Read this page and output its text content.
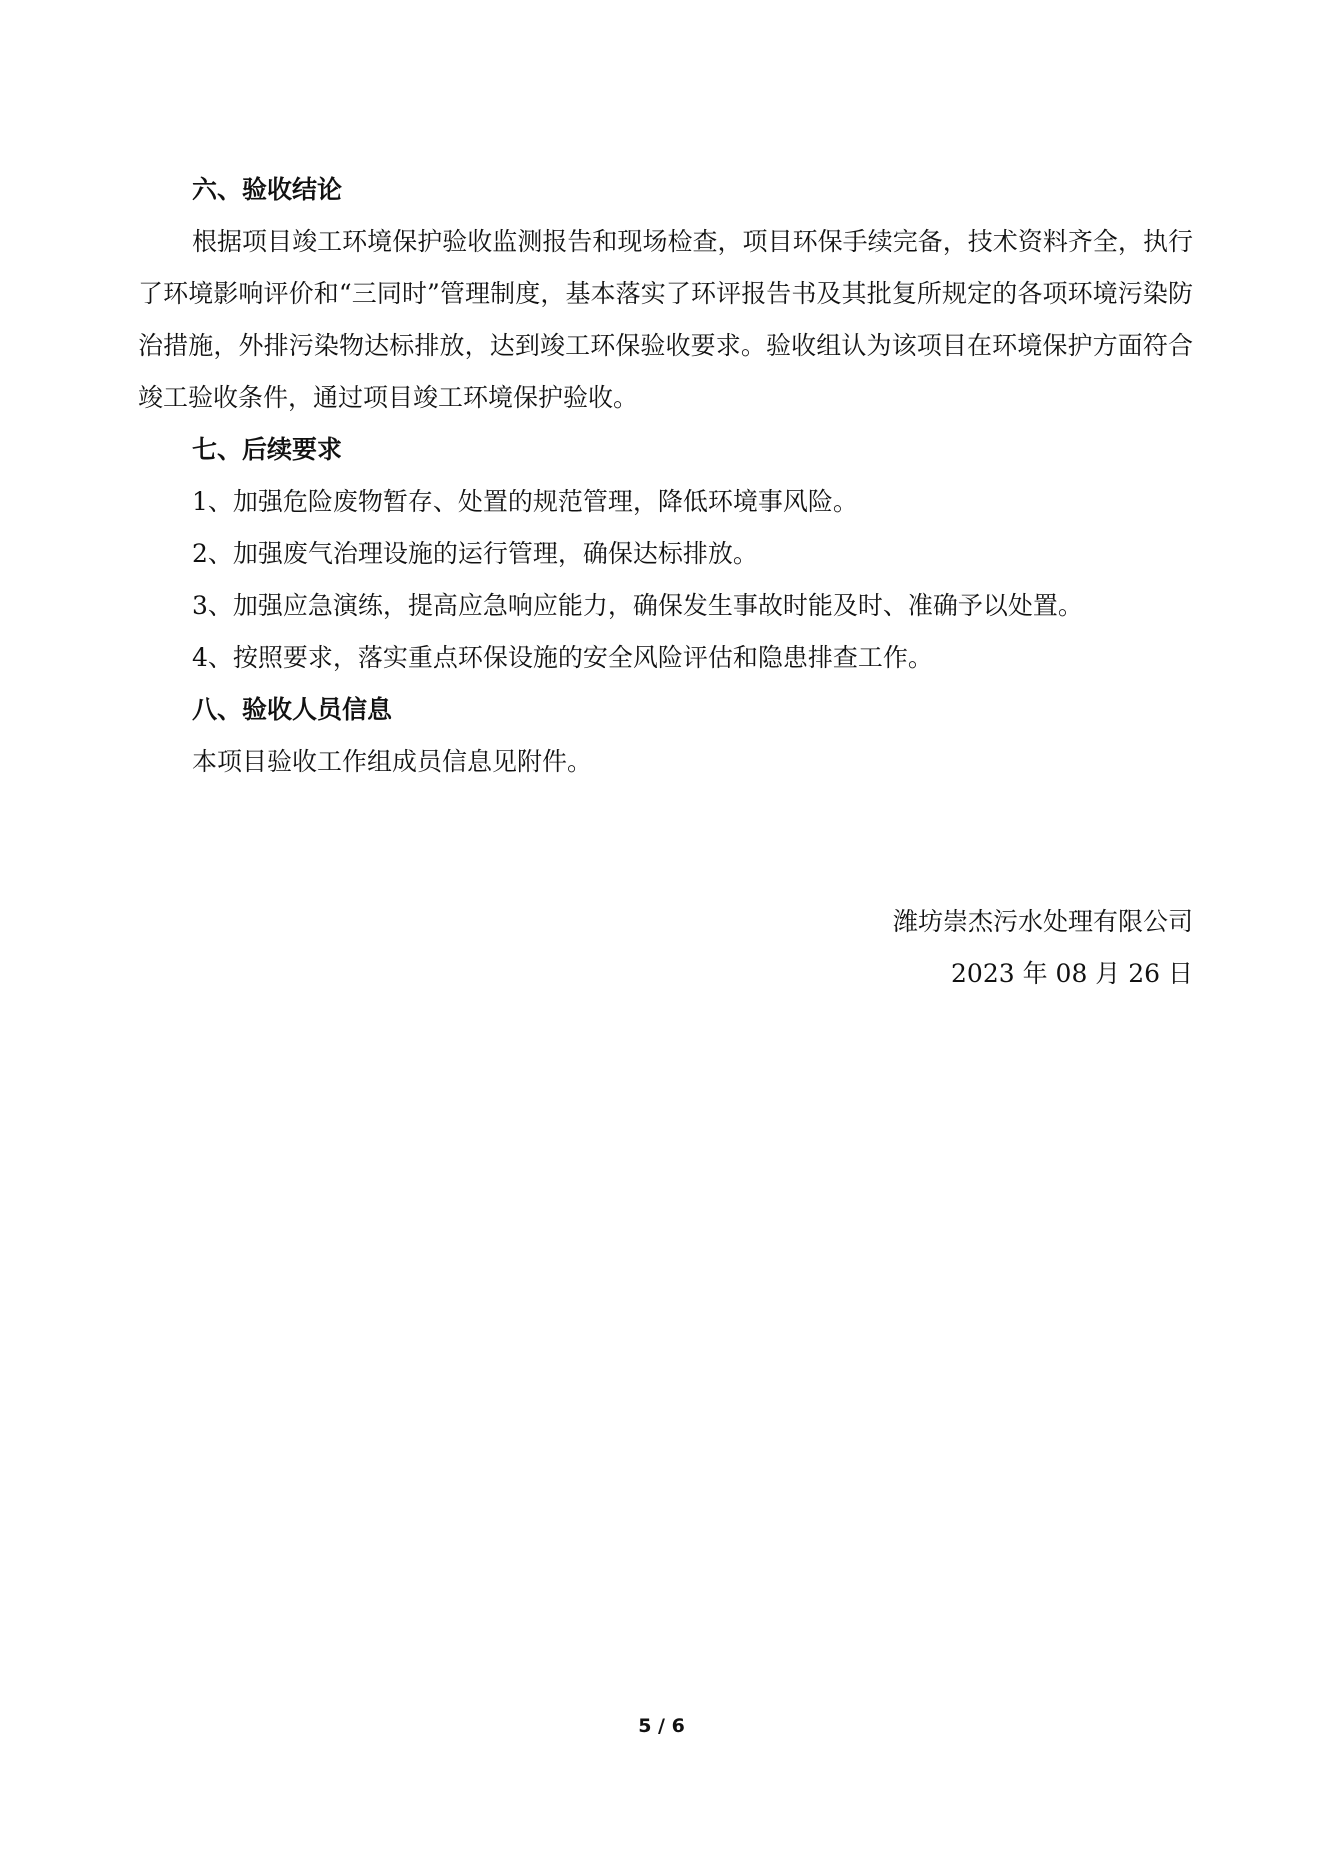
六、验收结论

根据项目竣工环境保护验收监测报告和现场检查，项目环保手续完备，技术资料齐全，执行了环境影响评价和“三同时”管理制度，基本落实了环评报告书及其批复所规定的各项环境污染防治措施，外排污染物达标排放，达到竣工环保验收要求。验收组认为该项目在环境保护方面符合竣工验收条件，通过项目竣工环境保护验收。

七、后续要求
1、加强危险废物暂存、处置的规范管理，降低环境事风险。
2、加强废气治理设施的运行管理，确保达标排放。
3、加强应急演练，提高应急响应能力，确保发生事故时能及时、准确予以处置。
4、按照要求，落实重点环保设施的安全风险评估和隐患排查工作。
八、验收人员信息

本项目验收工作组成员信息见附件。

潍坊崇杰污水处理有限公司
2023 年 08 月 26 日
5 / 6
